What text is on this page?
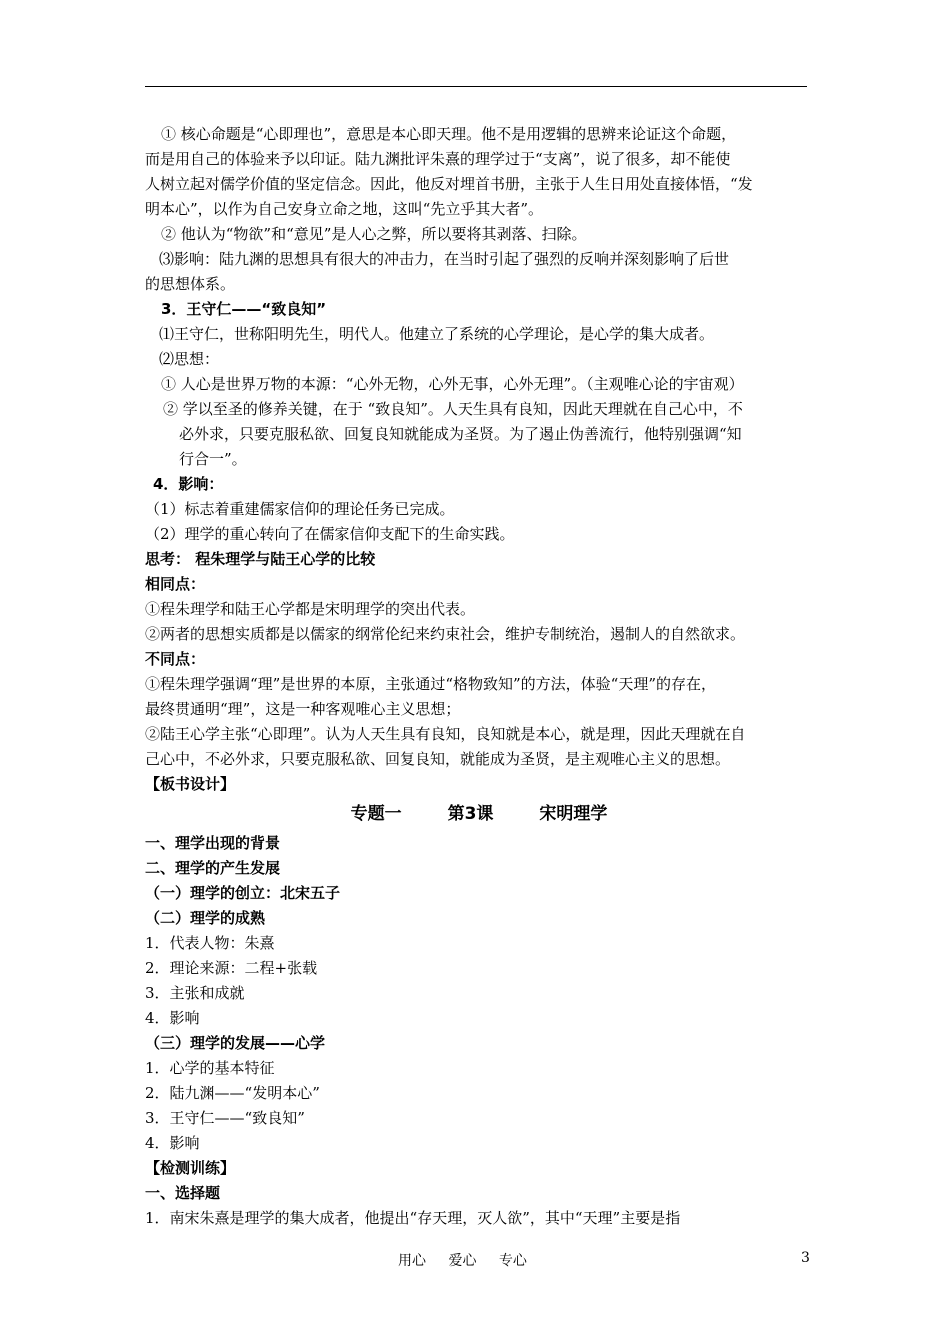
① 核心命题是“心即理也”，意思是本心即天理。他不是用逻辑的思辨来论证这个命题，
而是用自己的体验来予以印证。陆九渊批评朱熹的理学过于“支离”，说了很多，却不能使
人树立起对儒学价值的坚定信念。因此，他反对埋首书册，主张于人生日用处直接体悟，“发
明本心”，以作为自己安身立命之地，这叫“先立乎其大者”。
② 他认为“物欲”和“意见”是人心之弊，所以要将其剥落、扫除。
⑶影响：陆九渊的思想具有很大的冲击力，在当时引起了强烈的反响并深刻影响了后世
的思想体系。
3．王守仁——“致良知”
⑴王守仁，世称阳明先生，明代人。他建立了系统的心学理论，是心学的集大成者。
⑵思想：
① 人心是世界万物的本源：“心外无物，心外无事，心外无理”。（主观唯心论的宇宙观）
② 学以至圣的修养关键，在于 “致良知”。人天生具有良知，因此天理就在自己心中，不
必外求，只要克服私欲、回复良知就能成为圣贤。为了遏止伪善流行，他特别强调“知
行合一”。
4．影响：
（1）标志着重建儒家信仰的理论任务已完成。
（2）理学的重心转向了在儒家信仰支配下的生命实践。
思考： 程朱理学与陆王心学的比较
相同点：
①程朱理学和陆王心学都是宋明理学的突出代表。
②两者的思想实质都是以儒家的纲常伦纪来约束社会，维护专制统治，遏制人的自然欲求。
不同点：
①程朱理学强调“理”是世界的本原，主张通过“格物致知”的方法，体验“天理”的存在，
最终贯通明“理”，这是一种客观唯心主义思想；
②陆王心学主张“心即理”。认为人天生具有良知，良知就是本心，就是理，因此天理就在自
己心中，不必外求，只要克服私欲、回复良知，就能成为圣贤，是主观唯心主义的思想。
【板书设计】
专题一	第3课	宋明理学
一、理学出现的背景
二、理学的产生发展
（一）理学的创立：北宋五子
（二）理学的成熟
1．代表人物：朱熹
2．理论来源：二程+张载
3．主张和成就
4．影响
（三）理学的发展——心学
1．心学的基本特征
2．陆九渊——“发明本心”
3．王守仁——“致良知”
4．影响
【检测训练】
一、选择题
1．南宋朱熹是理学的集大成者，他提出“存天理，灭人欲”，其中“天理”主要是指
用心 爱心 专心	3
